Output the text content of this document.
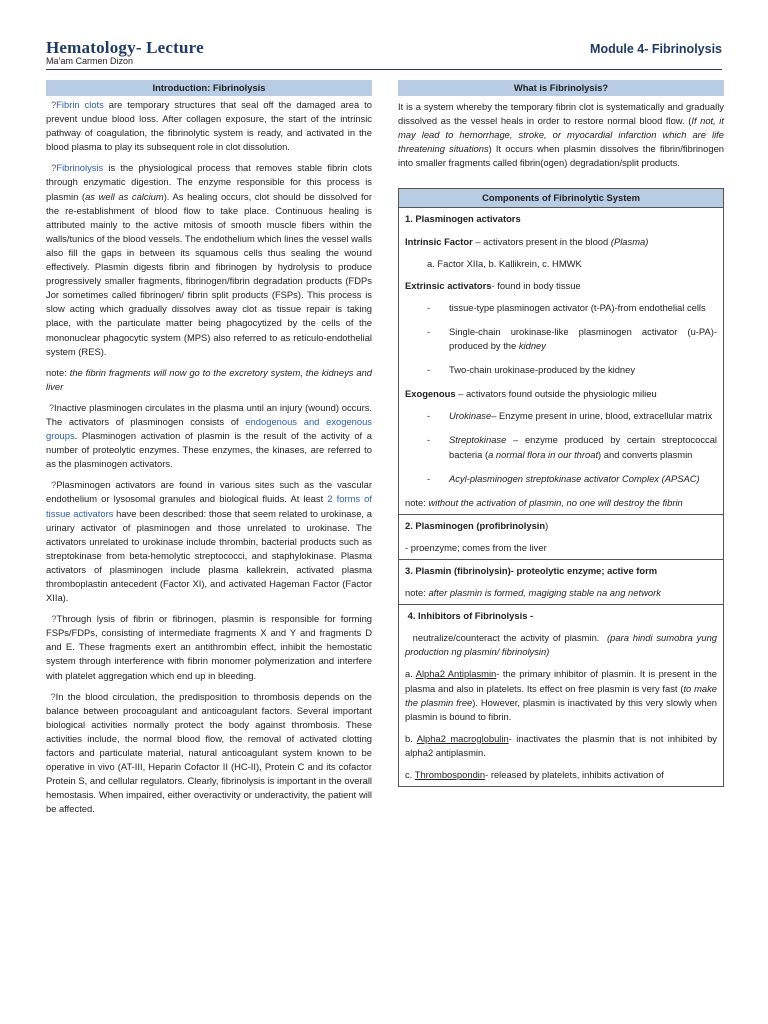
Hematology- Lecture
Ma’am Carmen Dizon
Module 4- Fibrinolysis
Introduction: Fibrinolysis

?Fibrin clots are temporary structures that seal off the damaged area to prevent undue blood loss. After collagen exposure, the start of the intrinsic pathway of coagulation, the fibrinolytic system is ready, and activated in the blood plasma to play its subsequent role in clot dissolution.

?Fibrinolysis is the physiological process that removes stable fibrin clots through enzymatic digestion. The enzyme responsible for this process is plasmin (as well as calcium). As healing occurs, clot should be dissolved for the re-establishment of blood flow to take place. Continuous healing is attributed mainly to the active mitosis of smooth muscle fibers within the walls/tunics of the blood vessels. The endothelium which lines the vessel walls also fill the gaps in between its squamous cells thus sealing the wound effectively. Plasmin digests fibrin and fibrinogen by hydrolysis to produce progressively smaller fragments, fibrinogen/fibrin degradation products (FDPs Jor sometimes called fibrinogen/ fibrin split products (FSPs). This process is slow acting which gradually dissolves away clot as tissue repair is taking place, with the particulate matter being phagocytized by the cells of the mononuclear phagocytic system (MPS) also referred to as reticulo-endothelial system (RES).

note: the fibrin fragments will now go to the excretory system, the kidneys and liver

?Inactive plasminogen circulates in the plasma until an injury (wound) occurs. The activators of plasminogen consists of endogenous and exogenous groups. Plasminogen activation of plasmin is the result of the activity of a number of proteolytic enzymes. These enzymes, the kinases, are referred to as the plasminogen activators.

?Plasminogen activators are found in various sites such as the vascular endothelium or lysosomal granules and biological fluids. At least 2 forms of tissue activators have been described: those that seem related to urokinase, a urinary activator of plasminogen and those unrelated to urokinase. The activators unrelated to urokinase include thrombin, bacterial products such as streptokinase from beta-hemolytic streptococci, and staphylokinase. Plasma activators of plasminogen include plasma kallekrein, activated plasma thromboplastin antecedent (Factor XI), and activated Hageman Factor (Factor XIIa).

?Through lysis of fibrin or fibrinogen, plasmin is responsible for forming FSPs/FDPs, consisting of intermediate fragments X and Y and fragments D and E. These fragments exert an antithrombin effect, inhibit the hemostatic system through interference with fibrin monomer polymerization and interfere with platelet aggregation which end up in bleeding.

?In the blood circulation, the predisposition to thrombosis depends on the balance between procoagulant and anticoagulant factors. Several important biological activities normally protect the body against thrombosis. These activities include, the normal blood flow, the removal of activated clotting factors and particulate material, natural anticoagulant system known to be operative in vivo (AT-III, Heparin Cofactor II (HC-II), Protein C and its cofactor Protein S, and cellular regulators. Clearly, fibrinolysis is important in the overall hemostasis. When impaired, either overactivity or underactivity, the patient will be affected.

What is Fibrinolysis?

It is a system whereby the temporary fibrin clot is systematically and gradually dissolved as the vessel heals in order to restore normal blood flow. (If not, it may lead to hemorrhage, stroke, or myocardial infarction which are life threatening situations) It occurs when plasmin dissolves the fibrin/fibrinogen into smaller fragments called fibrin(ogen) degradation/split products.

Components of Fibrinolytic System
1. Plasminogen activators

Intrinsic Factor – activators present in the blood (Plasma)

a. Factor XIIa, b. Kallikrein, c. HMWK

Extrinsic activators- found in body tissue

-	tissue-type plasminogen activator (t-PA)-from endothelial cells
-	Single-chain urokinase-like plasminogen activator (u-PA)-produced by the kidney
-	Two-chain urokinase-produced by the kidney

Exogenous – activators found outside the physiologic milieu

-	Urokinase– Enzyme present in urine, blood, extracellular matrix
-	Streptokinase – enzyme produced by certain streptococcal bacteria (a normal flora in our throat) and converts plasmin
-	Acyl-plasminogen streptokinase activator Complex (APSAC)

note: without the activation of plasmin, no one will destroy the fibrin

2. Plasminogen (profibrinolysin)

- proenzyme; comes from the liver

3. Plasmin (fibrinolysin)- proteolytic enzyme; active form

note: after plasmin is formed, magiging stable na ang network

4. Inhibitors of Fibrinolysis -

neutralize/counteract the activity of plasmin.  (para hindi sumobra yung production ng plasmin/ fibrinolysin)

a. Alpha2 Antiplasmin- the primary inhibitor of plasmin. It is present in the plasma and also in platelets. Its effect on free plasmin is very fast (to make the plasmin free). However, plasmin is inactivated by this very slowly when plasmin is bound to fibrin.

b. Alpha2 macroglobulin- inactivates the plasmin that is not inhibited by alpha2 antiplasmin.

c. Thrombospondin- released by platelets, inhibits activation of
